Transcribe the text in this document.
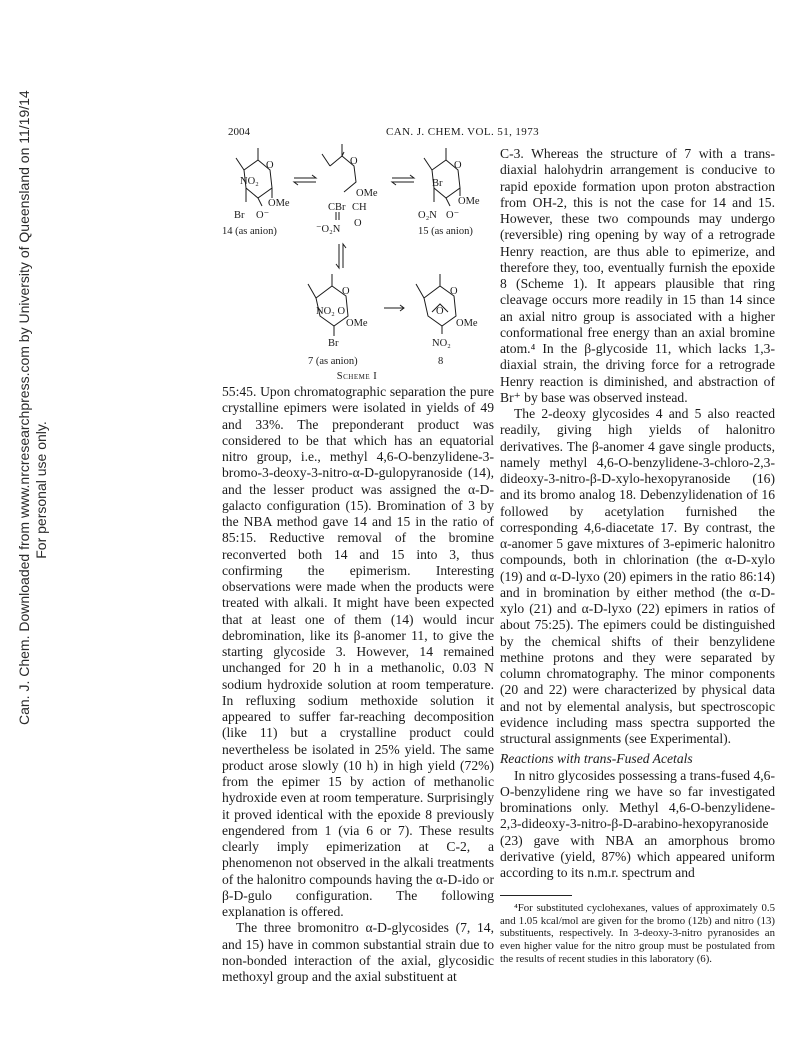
Can. J. Chem. Downloaded from www.nrcresearchpress.com by University of Queensland on 11/19/14 For personal use only.
2004	CAN. J. CHEM. VOL. 51, 1973
O
NO₂
OMe
Br O⁻
14 (as anion)
O
OMe
CBr CH
⁻O₂N
O
O
Br
OMe
O₂N O⁻
15 (as anion)
O
NO₂ O
OMe
Br
7 (as anion)
O
O
OMe
NO₂
8
Scheme I

55:45. Upon chromatographic separation the pure crystalline epimers were isolated in yields of 49 and 33%. The preponderant product was considered to be that which has an equatorial nitro group, i.e., methyl 4,6-O-benzylidene-3-bromo-3-deoxy-3-nitro-α-D-gulopyranoside (14), and the lesser product was assigned the α-D-galacto configuration (15). Bromination of 3 by the NBA method gave 14 and 15 in the ratio of 85:15. Reductive removal of the bromine reconverted both 14 and 15 into 3, thus confirming the epimerism. Interesting observations were made when the products were treated with alkali. It might have been expected that at least one of them (14) would incur debromination, like its β-anomer 11, to give the starting glycoside 3. However, 14 remained unchanged for 20 h in a methanolic, 0.03 N sodium hydroxide solution at room temperature. In refluxing sodium methoxide solution it appeared to suffer far-reaching decomposition (like 11) but a crystalline product could nevertheless be isolated in 25% yield. The same product arose slowly (10 h) in high yield (72%) from the epimer 15 by action of methanolic hydroxide even at room temperature. Surprisingly it proved identical with the epoxide 8 previously engendered from 1 (via 6 or 7). These results clearly imply epimerization at C-2, a phenomenon not observed in the alkali treatments of the halonitro compounds having the α-D-ido or β-D-gulo configuration. The following explanation is offered.

The three bromonitro α-D-glycosides (7, 14, and 15) have in common substantial strain due to non-bonded interaction of the axial, glycosidic methoxyl group and the axial substituent at

C-3. Whereas the structure of 7 with a trans-diaxial halohydrin arrangement is conducive to rapid epoxide formation upon proton abstraction from OH-2, this is not the case for 14 and 15. However, these two compounds may undergo (reversible) ring opening by way of a retrograde Henry reaction, are thus able to epimerize, and therefore they, too, eventually furnish the epoxide 8 (Scheme 1). It appears plausible that ring cleavage occurs more readily in 15 than 14 since an axial nitro group is associated with a higher conformational free energy than an axial bromine atom.⁴ In the β-glycoside 11, which lacks 1,3-diaxial strain, the driving force for a retrograde Henry reaction is diminished, and abstraction of Br⁺ by base was observed instead.

The 2-deoxy glycosides 4 and 5 also reacted readily, giving high yields of halonitro derivatives. The β-anomer 4 gave single products, namely methyl 4,6-O-benzylidene-3-chloro-2,3-dideoxy-3-nitro-β-D-xylo-hexopyranoside (16) and its bromo analog 18. Debenzylidenation of 16 followed by acetylation furnished the corresponding 4,6-diacetate 17. By contrast, the α-anomer 5 gave mixtures of 3-epimeric halonitro compounds, both in chlorination (the α-D-xylo (19) and α-D-lyxo (20) epimers in the ratio 86:14) and in bromination by either method (the α-D-xylo (21) and α-D-lyxo (22) epimers in ratios of about 75:25). The epimers could be distinguished by the chemical shifts of their benzylidene methine protons and they were separated by column chromatography. The minor components (20 and 22) were characterized by physical data and not by elemental analysis, but spectroscopic evidence including mass spectra supported the structural assignments (see Experimental).

Reactions with trans-Fused Acetals

In nitro glycosides possessing a trans-fused 4,6-O-benzylidene ring we have so far investigated brominations only. Methyl 4,6-O-benzylidene-2,3-dideoxy-3-nitro-β-D-arabino-hexopyranoside (23) gave with NBA an amorphous bromo derivative (yield, 87%) which appeared uniform according to its n.m.r. spectrum and

⁴For substituted cyclohexanes, values of approximately 0.5 and 1.05 kcal/mol are given for the bromo (12b) and nitro (13) substituents, respectively. In 3-deoxy-3-nitro pyranosides an even higher value for the nitro group must be postulated from the results of recent studies in this laboratory (6).
